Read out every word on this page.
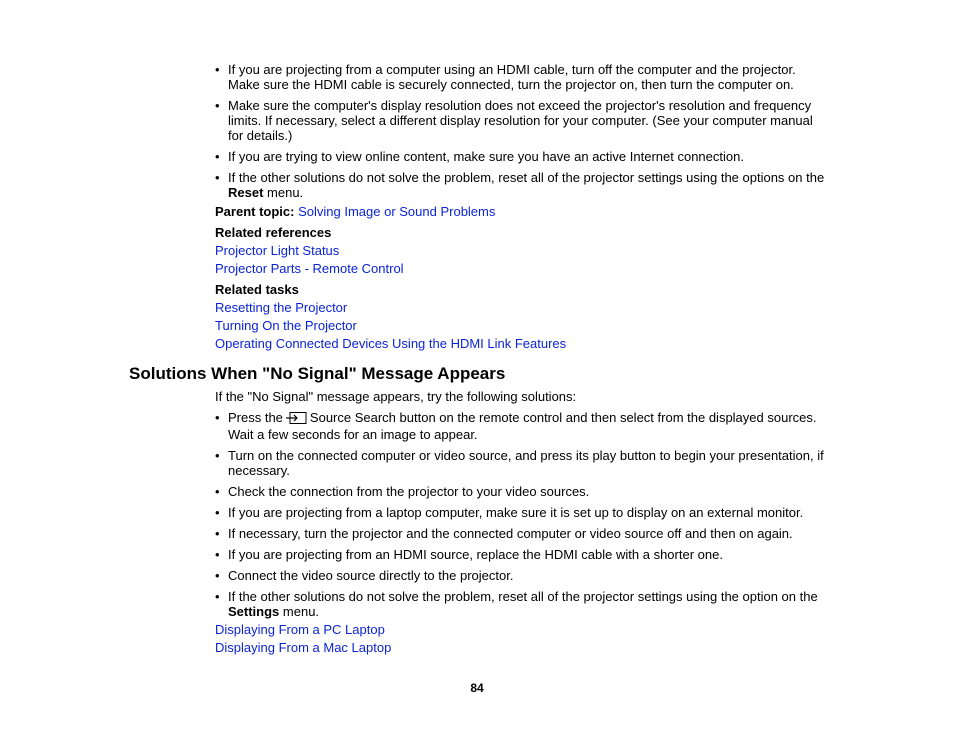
• If you are projecting from a computer using an HDMI cable, turn off the computer and the projector. Make sure the HDMI cable is securely connected, turn the projector on, then turn the computer on.
• Make sure the computer's display resolution does not exceed the projector's resolution and frequency limits. If necessary, select a different display resolution for your computer. (See your computer manual for details.)
• If you are trying to view online content, make sure you have an active Internet connection.
• If the other solutions do not solve the problem, reset all of the projector settings using the options on the Reset menu.
Parent topic: Solving Image or Sound Problems
Related references
Projector Light Status
Projector Parts - Remote Control
Related tasks
Resetting the Projector
Turning On the Projector
Operating Connected Devices Using the HDMI Link Features
Solutions When "No Signal" Message Appears
If the "No Signal" message appears, try the following solutions:
• Press the Source Search button on the remote control and then select from the displayed sources. Wait a few seconds for an image to appear.
• Turn on the connected computer or video source, and press its play button to begin your presentation, if necessary.
• Check the connection from the projector to your video sources.
• If you are projecting from a laptop computer, make sure it is set up to display on an external monitor.
• If necessary, turn the projector and the connected computer or video source off and then on again.
• If you are projecting from an HDMI source, replace the HDMI cable with a shorter one.
• Connect the video source directly to the projector.
• If the other solutions do not solve the problem, reset all of the projector settings using the option on the Settings menu.
Displaying From a PC Laptop
Displaying From a Mac Laptop
84
